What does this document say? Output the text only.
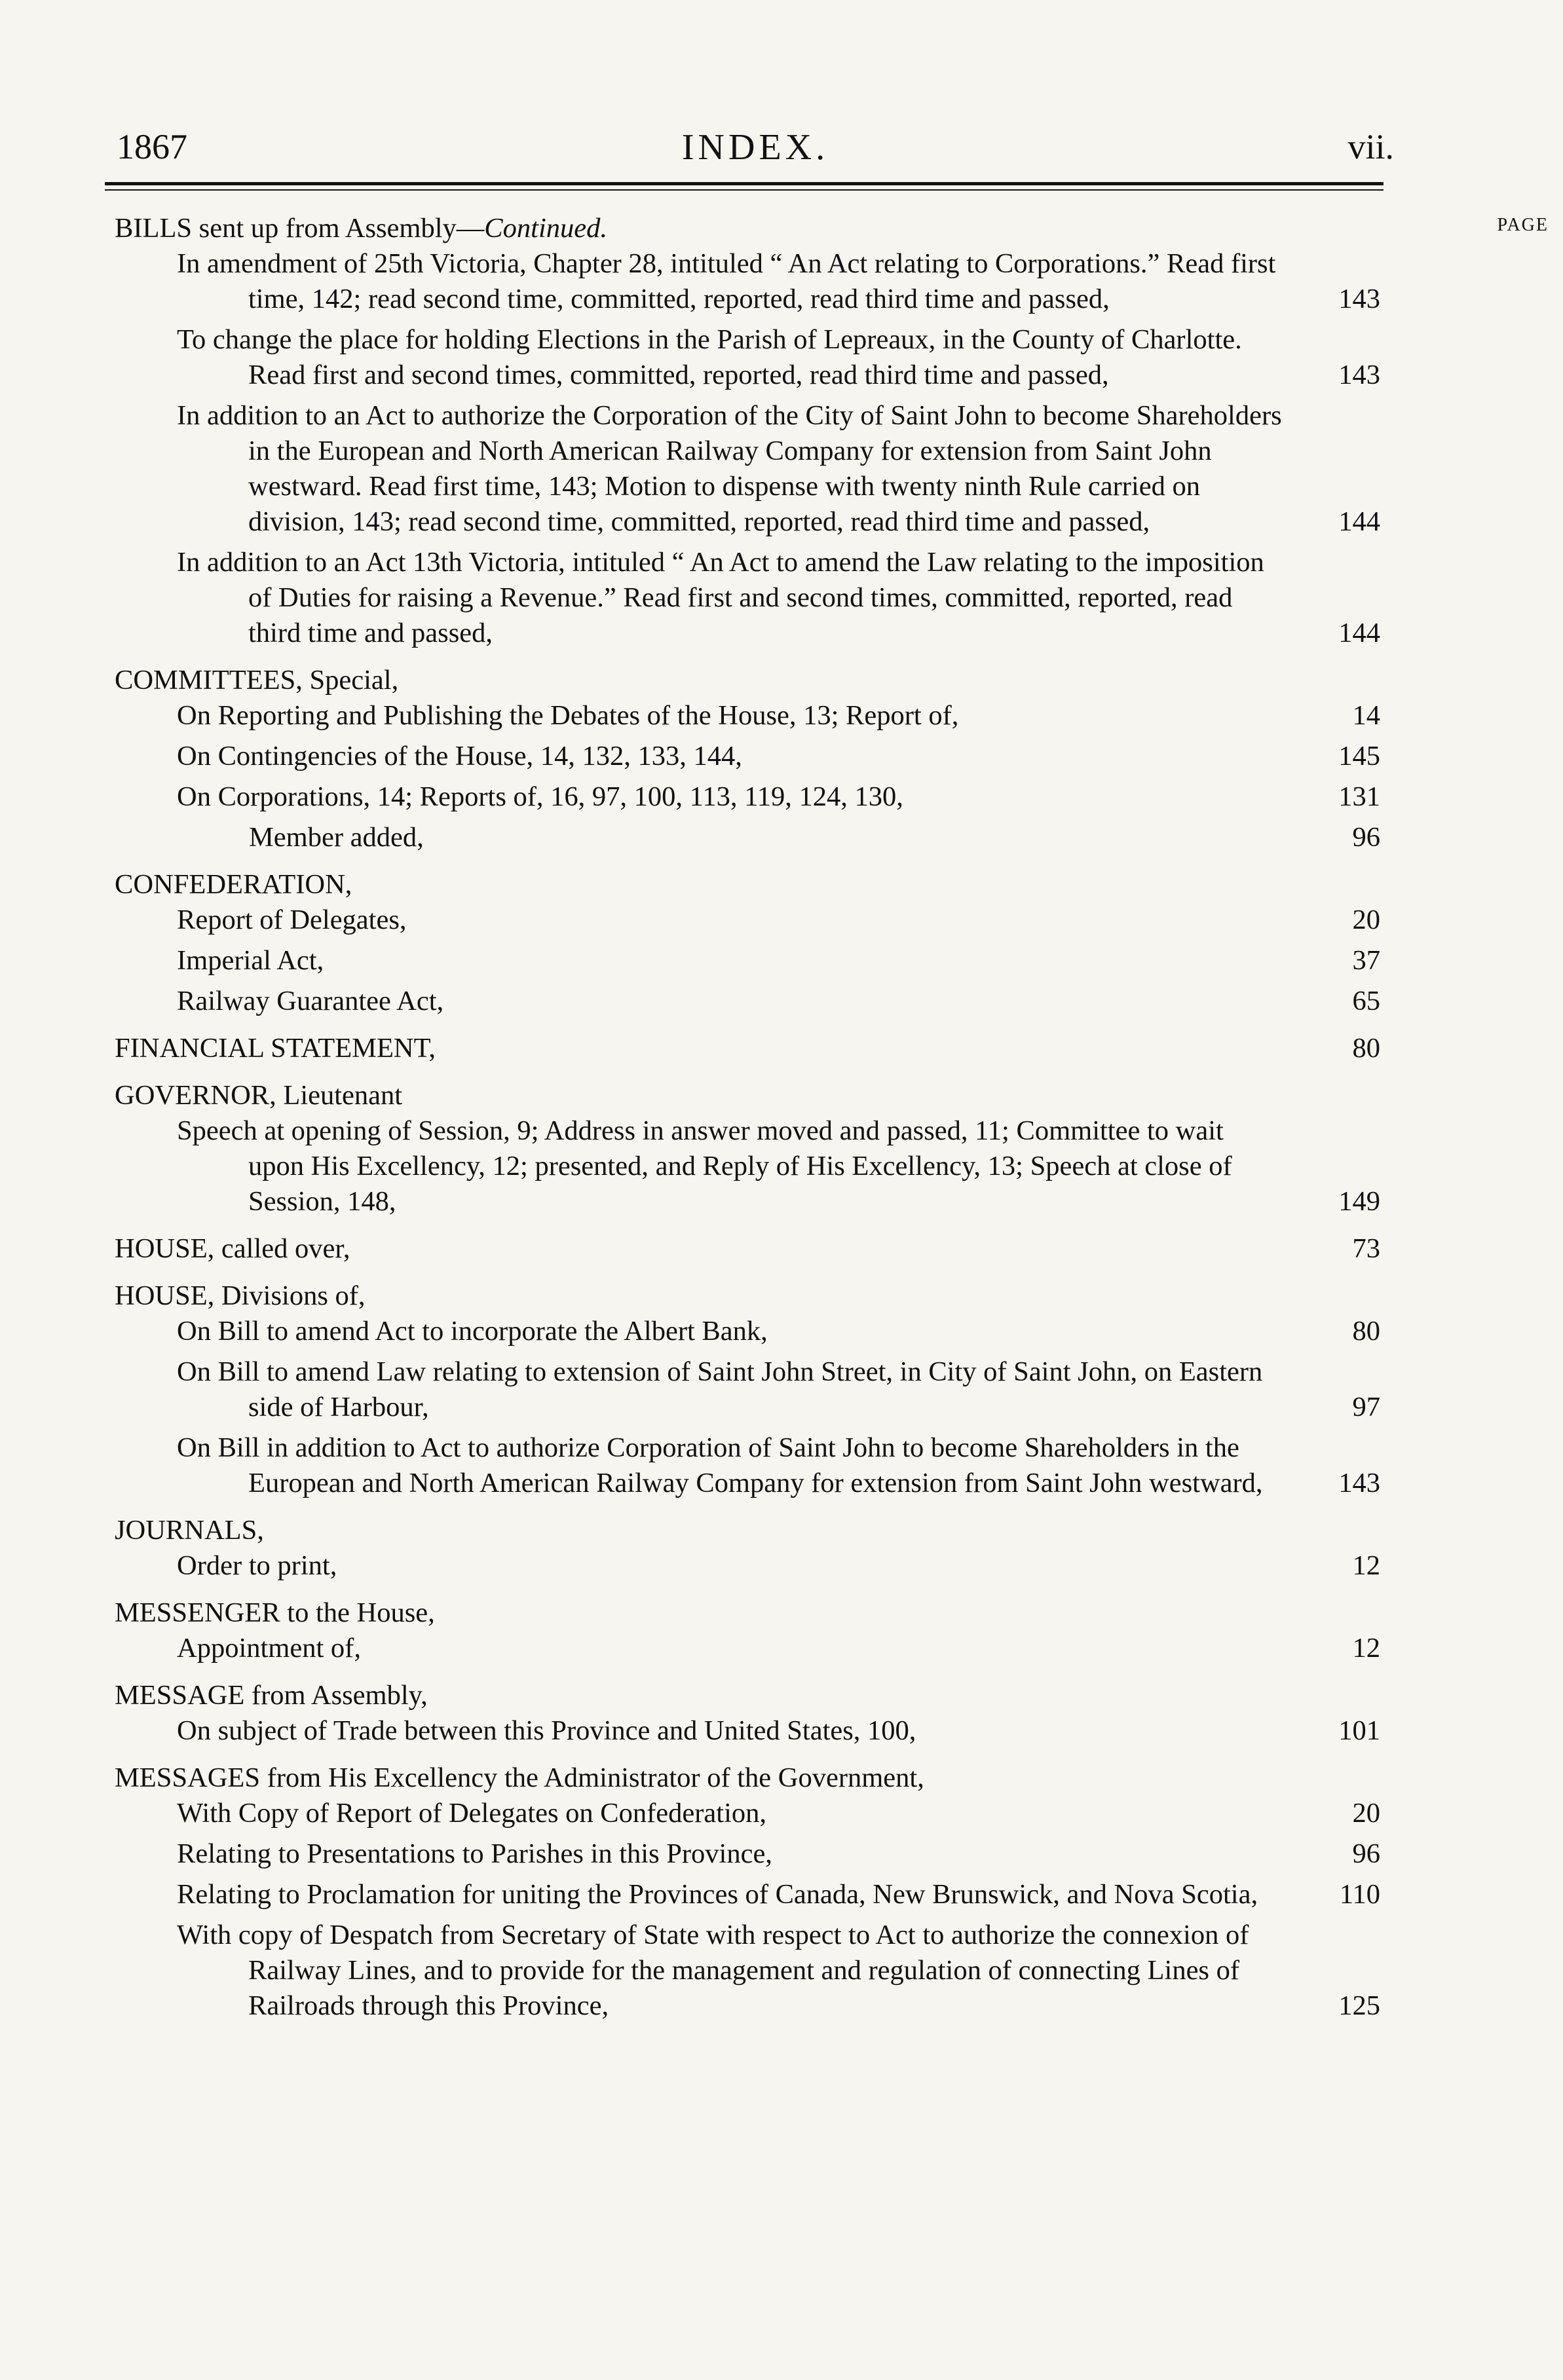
1867	INDEX.	vii.
PAGE
BILLS sent up from Assembly—Continued.
In amendment of 25th Victoria, Chapter 28, intituled “ An Act relating to Corporations.” Read first time, 142; read second time, committed, reported, read third time and passed,	143
To change the place for holding Elections in the Parish of Lepreaux, in the County of Charlotte. Read first and second times, committed, reported, read third time and passed,	143
In addition to an Act to authorize the Corporation of the City of Saint John to become Shareholders in the European and North American Railway Company for extension from Saint John westward. Read first time, 143; Motion to dispense with twenty ninth Rule carried on division, 143; read second time, committed, reported, read third time and passed,	144
In addition to an Act 13th Victoria, intituled “ An Act to amend the Law relating to the imposition of Duties for raising a Revenue.” Read first and second times, committed, reported, read third time and passed,	144
COMMITTEES, Special,
On Reporting and Publishing the Debates of the House, 13; Report of,	14
On Contingencies of the House, 14, 132, 133, 144,	145
On Corporations, 14; Reports of, 16, 97, 100, 113, 119, 124, 130,	131
Member added,	96
CONFEDERATION,
Report of Delegates,	20
Imperial Act,	37
Railway Guarantee Act,	65
FINANCIAL STATEMENT,	80
GOVERNOR, Lieutenant
Speech at opening of Session, 9; Address in answer moved and passed, 11; Committee to wait upon His Excellency, 12; presented, and Reply of His Excellency, 13; Speech at close of Session, 148,	149
HOUSE, called over,	73
HOUSE, Divisions of,
On Bill to amend Act to incorporate the Albert Bank,	80
On Bill to amend Law relating to extension of Saint John Street, in City of Saint John, on Eastern side of Harbour,	97
On Bill in addition to Act to authorize Corporation of Saint John to become Shareholders in the European and North American Railway Company for extension from Saint John westward,	143
JOURNALS,
Order to print,	12
MESSENGER to the House,
Appointment of,	12
MESSAGE from Assembly,
On subject of Trade between this Province and United States, 100,	101
MESSAGES from His Excellency the Administrator of the Government,
With Copy of Report of Delegates on Confederation,	20
Relating to Presentations to Parishes in this Province,	96
Relating to Proclamation for uniting the Provinces of Canada, New Brunswick, and Nova Scotia,	110
With copy of Despatch from Secretary of State with respect to Act to authorize the connexion of Railway Lines, and to provide for the management and regulation of connecting Lines of Railroads through this Province,	125
